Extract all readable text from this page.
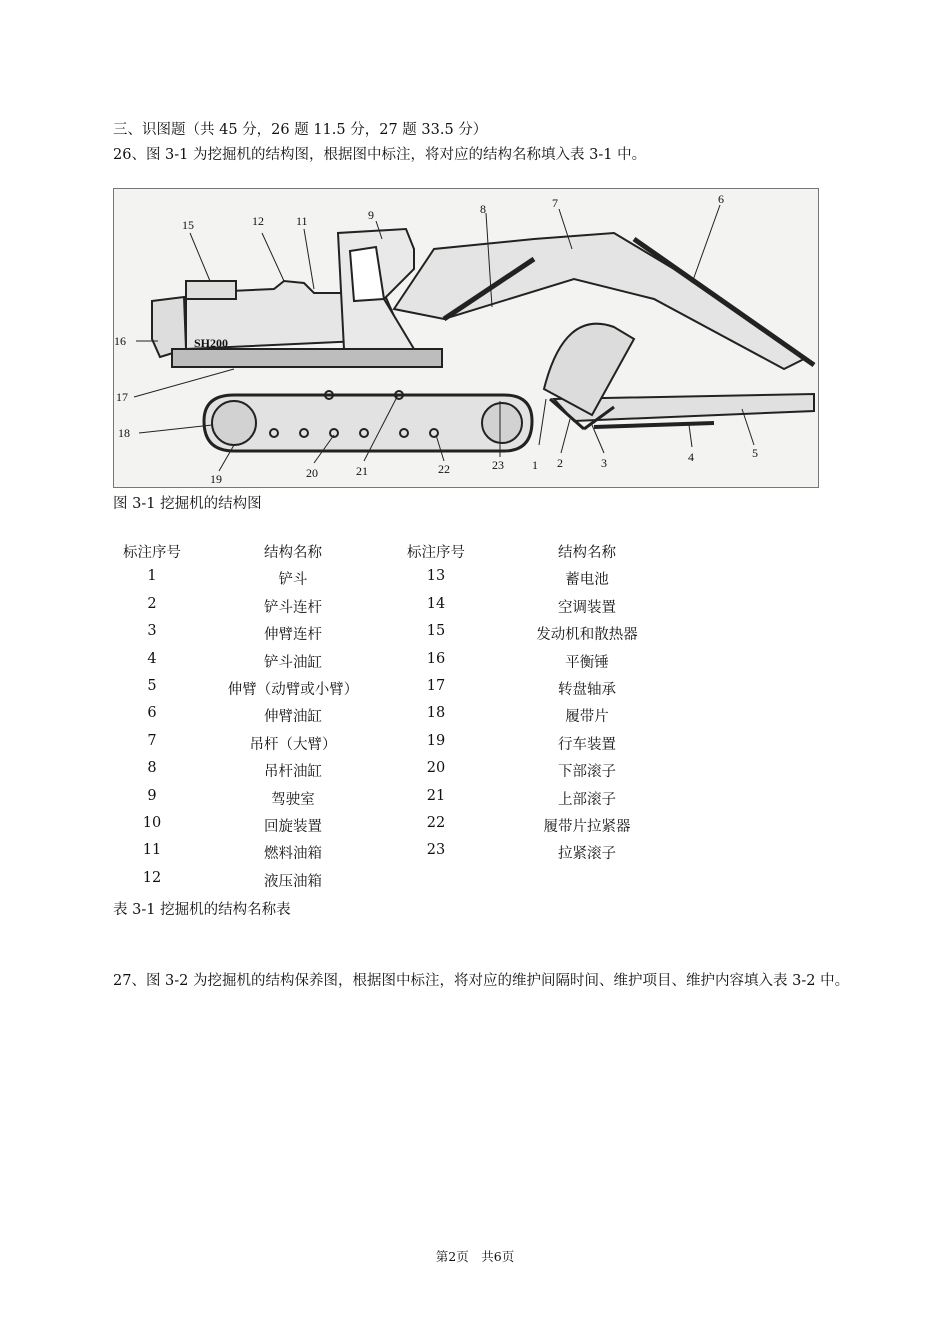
三、识图题（共 45 分，26 题 11.5 分，27 题 33.5 分）
26、图 3-1 为挖掘机的结构图，根据图中标注，将对应的结构名称填入表 3-1 中。
SH200
1 2	3	4	5
6
7
8
9
11
12
15
16
17
18
19	20	21	22	23
图 3-1 挖掘机的结构图
标注序号	结构名称	标注序号	结构名称
1	铲斗	13	蓄电池
2	铲斗连杆	14	空调装置
3	伸臂连杆	15	发动机和散热器
4	铲斗油缸	16	平衡锤
5	伸臂（动臂或小臂）	17	转盘轴承
6	伸臂油缸	18	履带片
7	吊杆（大臂）	19	行车装置
8	吊杆油缸	20	下部滚子
9	驾驶室	21	上部滚子
10	回旋装置	22	履带片拉紧器
11	燃料油箱	23	拉紧滚子
12	液压油箱
表 3-1 挖掘机的结构名称表
27、图 3-2 为挖掘机的结构保养图，根据图中标注，将对应的维护间隔时间、维护项目、维护内容填入表 3-2 中。
第2页　共6页
